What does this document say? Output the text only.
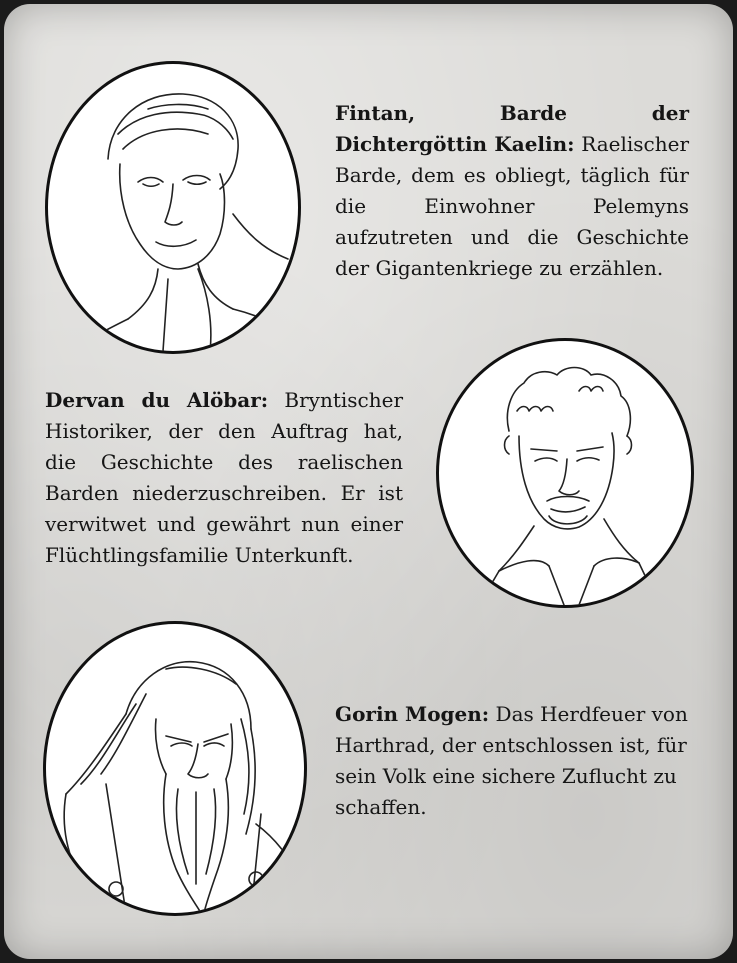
Fintan, Barde der Dichtergöttin Kaelin: Raelischer Barde, dem es obliegt, täglich für die Einwohner Pelemyns aufzutreten und die Geschichte der Gigantenkriege zu erzählen.
Dervan du Alöbar: Bryntischer Historiker, der den Auftrag hat, die Geschichte des raelischen Barden niederzuschreiben. Er ist verwitwet und gewährt nun einer Flüchtlingsfamilie Unterkunft.
Gorin Mogen: Das Herdfeuer von Harthrad, der entschlossen ist, für sein Volk eine sichere Zuflucht zu schaffen.
